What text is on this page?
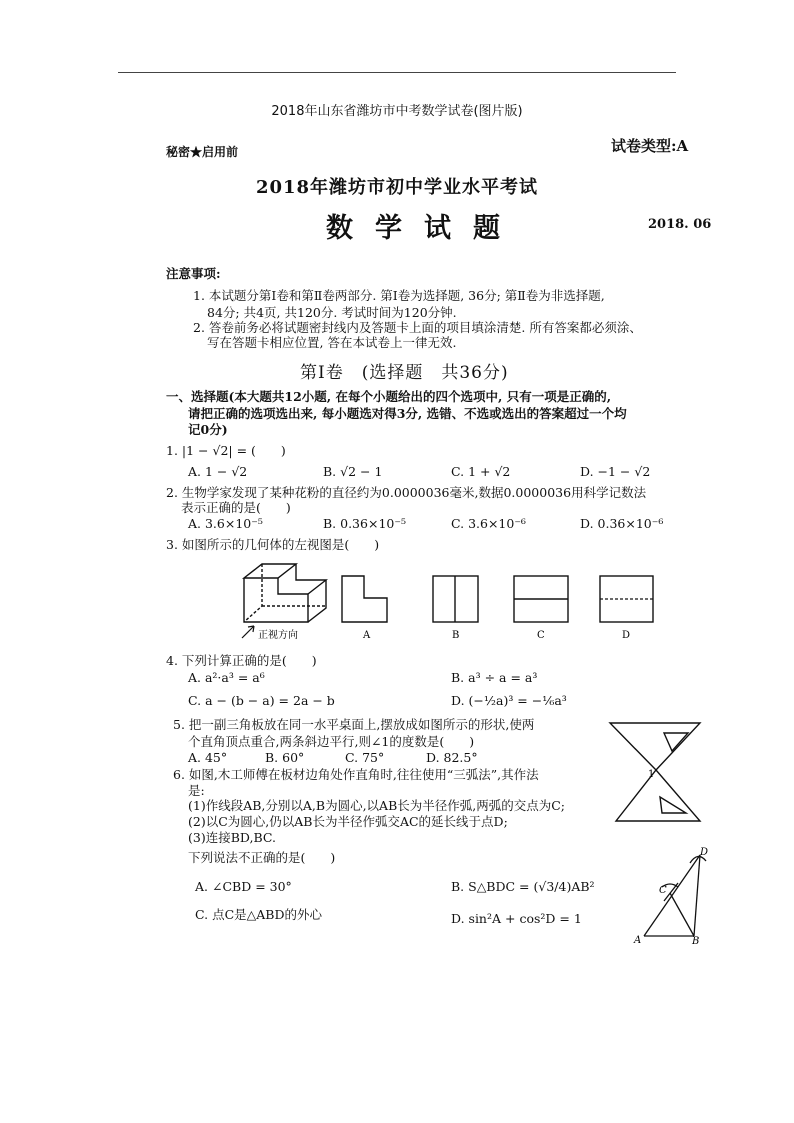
2018年山东省潍坊市中考数学试卷(图片版)
秘密★启用前	试卷类型:A
2018年潍坊市初中学业水平考试
数学试题	2018. 06
注意事项:
1. 本试题分第Ⅰ卷和第Ⅱ卷两部分. 第Ⅰ卷为选择题, 36分; 第Ⅱ卷为非选择题,
84分; 共4页, 共120分. 考试时间为120分钟.
2. 答卷前务必将试题密封线内及答题卡上面的项目填涂清楚. 所有答案都必须涂、
写在答题卡相应位置, 答在本试卷上一律无效.
第Ⅰ卷　(选择题　共36分)
一、选择题(本大题共12小题, 在每个小题给出的四个选项中, 只有一项是正确的,
请把正确的选项选出来, 每小题选对得3分, 选错、不选或选出的答案超过一个均
记0分)
1. |1 − √2| = (　　)
A. 1 − √2	B. √2 − 1	C. 1 + √2	D. −1 − √2
2. 生物学家发现了某种花粉的直径约为0.0000036毫米,数据0.0000036用科学记数法
表示正确的是(　　)
A. 3.6×10⁻⁵	B. 0.36×10⁻⁵	C. 3.6×10⁻⁶	D. 0.36×10⁻⁶
3. 如图所示的几何体的左视图是(　　)
正视方向	A	B	C	D
4. 下列计算正确的是(　　)
A. a²·a³ = a⁶	B. a³ ÷ a = a³
C. a − (b − a) = 2a − b	D. (−½a)³ = −⅙a³
5. 把一副三角板放在同一水平桌面上,摆放成如图所示的形状,使两
个直角顶点重合,两条斜边平行,则∠1的度数是(　　)
A. 45°	B. 60°	C. 75°	D. 82.5°
1
6. 如图,木工师傅在板材边角处作直角时,往往使用“三弧法”,其作法
是:
(1)作线段AB,分别以A,B为圆心,以AB长为半径作弧,两弧的交点为C;
(2)以C为圆心,仍以AB长为半径作弧交AC的延长线于点D;
(3)连接BD,BC.
下列说法不正确的是(　　)
A. ∠CBD = 30°	B. S△BDC = (√3/4)AB²
C. 点C是△ABD的外心	D. sin²A + cos²D = 1
A	B
C
D
